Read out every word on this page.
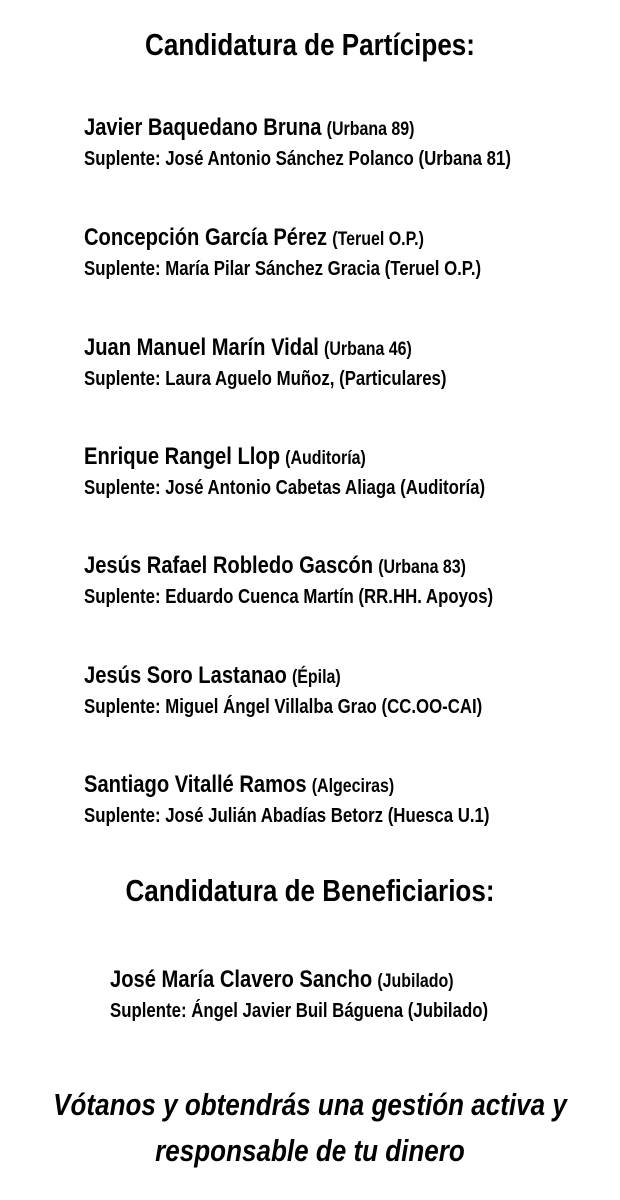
Candidatura de Partícipes:
Javier Baquedano Bruna (Urbana 89)
Suplente: José Antonio Sánchez Polanco (Urbana 81)
Concepción García Pérez (Teruel O.P.)
Suplente: María Pilar Sánchez Gracia (Teruel O.P.)
Juan Manuel Marín Vidal (Urbana 46)
Suplente: Laura Aguelo Muñoz, (Particulares)
Enrique Rangel Llop (Auditoría)
Suplente: José Antonio Cabetas Aliaga (Auditoría)
Jesús Rafael Robledo Gascón (Urbana 83)
Suplente: Eduardo Cuenca Martín (RR.HH. Apoyos)
Jesús Soro Lastanao (Épila)
Suplente: Miguel Ángel Villalba Grao (CC.OO-CAI)
Santiago Vitallé Ramos (Algeciras)
Suplente: José Julián Abadías Betorz (Huesca U.1)
Candidatura de Beneficiarios:
José María Clavero Sancho (Jubilado)
Suplente: Ángel Javier Buil Báguena (Jubilado)
Vótanos y obtendrás una gestión activa y
responsable de tu dinero
